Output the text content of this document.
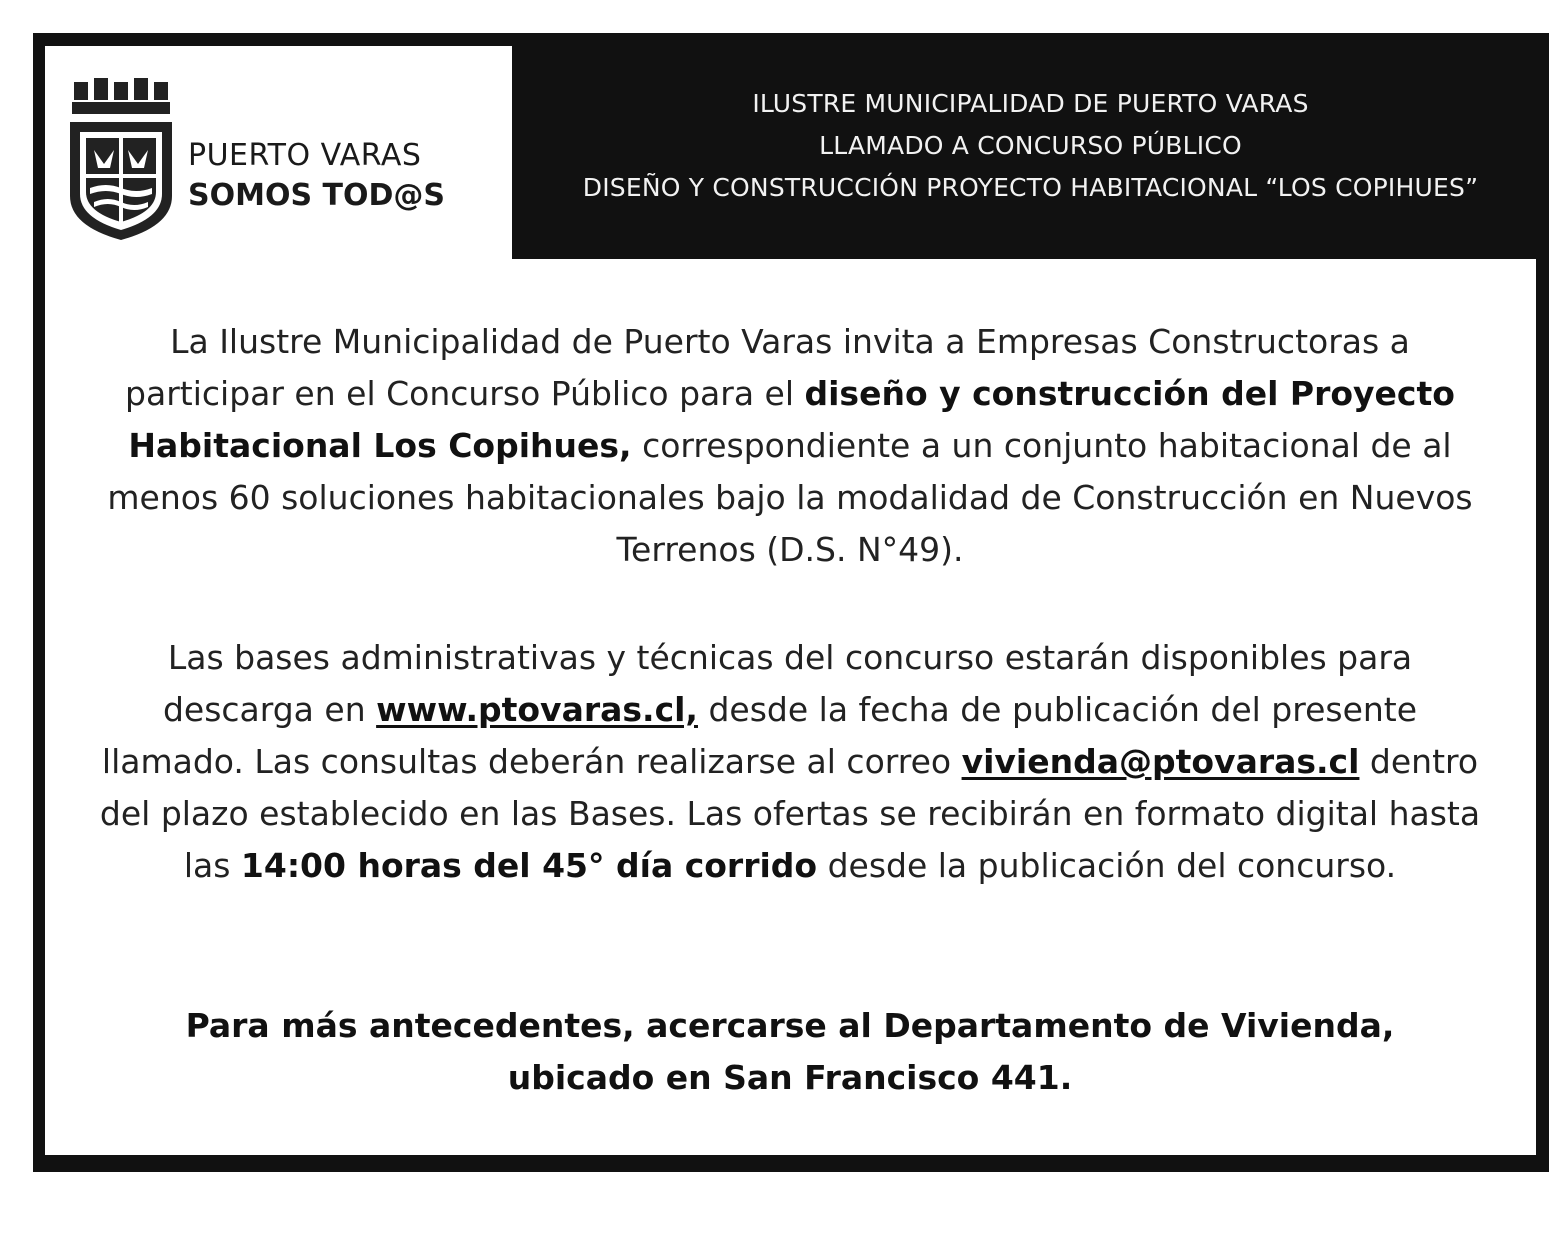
ILUSTRE MUNICIPALIDAD DE PUERTO VARAS
LLAMADO A CONCURSO PÚBLICO
DISEÑO Y CONSTRUCCIÓN PROYECTO HABITACIONAL “LOS COPIHUES”
PUERTO VARAS
SOMOS TOD@S
La Ilustre Municipalidad de Puerto Varas invita a Empresas Constructoras a participar en el Concurso Público para el diseño y construcción del Proyecto Habitacional Los Copihues, correspondiente a un conjunto habitacional de al menos 60 soluciones habitacionales bajo la modalidad de Construcción en Nuevos Terrenos (D.S. N°49).
Las bases administrativas y técnicas del concurso estarán disponibles para descarga en www.ptovaras.cl, desde la fecha de publicación del presente llamado. Las consultas deberán realizarse al correo vivienda@ptovaras.cl dentro del plazo establecido en las Bases. Las ofertas se recibirán en formato digital hasta las 14:00 horas del 45° día corrido desde la publicación del concurso.
Para más antecedentes, acercarse al Departamento de Vivienda,
ubicado en San Francisco 441.
